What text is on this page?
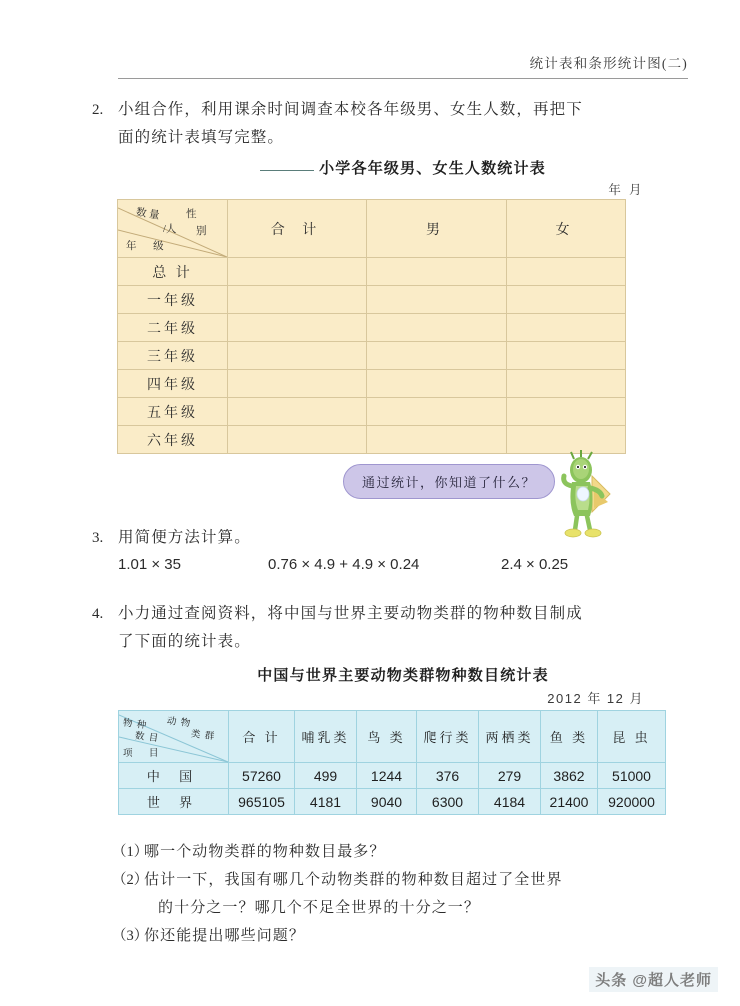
统计表和条形统计图(二)
2. 小组合作，利用课余时间调查本校各年级男、女生人数，再把下
面的统计表填写完整。
小学各年级男、女生人数统计表
年 月
数 量 性
/人 别
年 级	合 计	男	女
总 计			
一年级			
二年级			
三年级			
四年级			
五年级			
六年级			
通过统计，你知道了什么？
3. 用简便方法计算。
1.01 × 35	0.76 × 4.9 + 4.9 × 0.24	2.4 × 0.25
4. 小力通过查阅资料，将中国与世界主要动物类群的物种数目制成
了下面的统计表。
中国与世界主要动物类群物种数目统计表
2012 年 12 月
物 种 动 物
数 目 类 群
项 目	合 计	哺乳类	鸟 类	爬行类	两栖类	鱼 类	昆 虫
中 国	57260	499	1244	376	279	3862	51000
世 界	965105	4181	9040	6300	4184	21400	920000
（1）
哪一个动物类群的物种数目最多？
（2）
估计一下，我国有哪几个动物类群的物种数目超过了全世界
的十分之一？哪几个不足全世界的十分之一？
（3）
你还能提出哪些问题？
头条 @超人老师
